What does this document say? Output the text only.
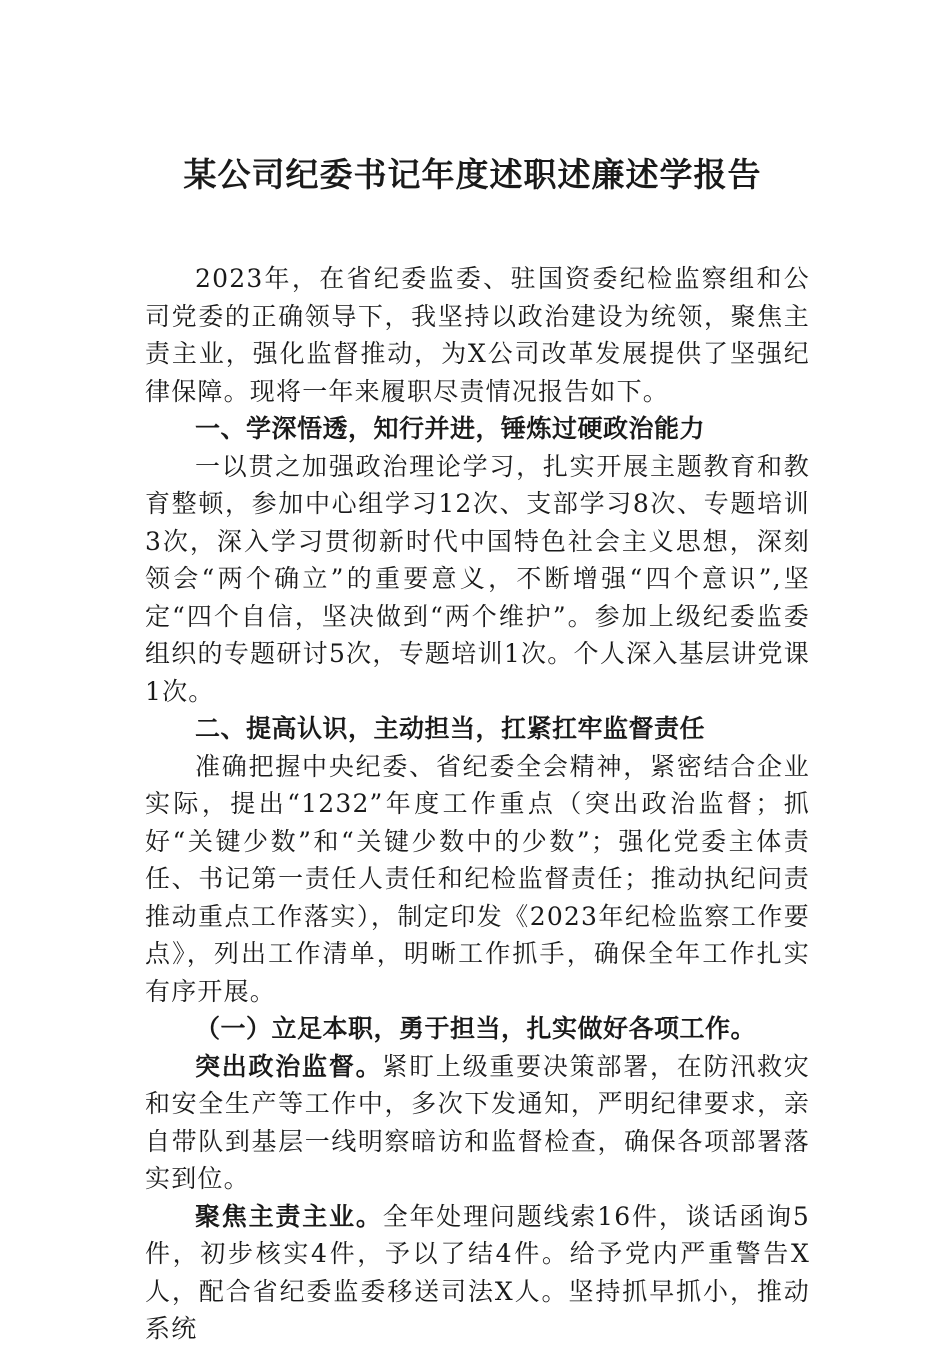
某公司纪委书记年度述职述廉述学报告

2023年，在省纪委监委、驻国资委纪检监察组和公司党委的正确领导下，我坚持以政治建设为统领，聚焦主责主业，强化监督推动，为X公司改革发展提供了坚强纪律保障。现将一年来履职尽责情况报告如下。

一、学深悟透，知行并进，锤炼过硬政治能力

一以贯之加强政治理论学习，扎实开展主题教育和教育整顿，参加中心组学习12次、支部学习8次、专题培训3次，深入学习贯彻新时代中国特色社会主义思想，深刻领会“两个确立”的重要意义，不断增强“四个意识”,坚定“四个自信，坚决做到“两个维护”。参加上级纪委监委组织的专题研讨5次，专题培训1次。个人深入基层讲党课1次。

二、提高认识，主动担当，扛紧扛牢监督责任

准确把握中央纪委、省纪委全会精神，紧密结合企业实际，提出“1232”年度工作重点（突出政治监督；抓好“关键少数”和“关键少数中的少数”；强化党委主体责任、书记第一责任人责任和纪检监督责任；推动执纪问责推动重点工作落实），制定印发《2023年纪检监察工作要点》，列出工作清单，明晰工作抓手，确保全年工作扎实有序开展。

（一）立足本职，勇于担当，扎实做好各项工作。

突出政治监督。紧盯上级重要决策部署，在防汛救灾和安全生产等工作中，多次下发通知，严明纪律要求，亲自带队到基层一线明察暗访和监督检查，确保各项部署落实到位。

聚焦主责主业。全年处理问题线索16件，谈话函询5件，初步核实4件，予以了结4件。给予党内严重警告X人，配合省纪委监委移送司法X人。坚持抓早抓小，推动系统
